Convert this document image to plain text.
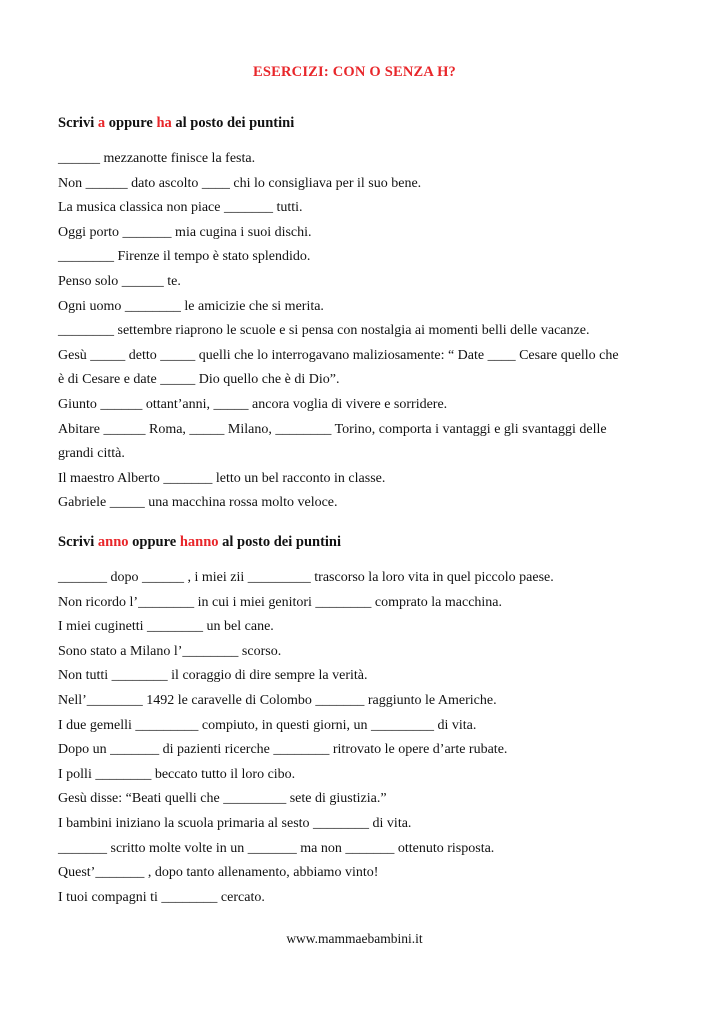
ESERCIZI: CON O SENZA H?
Scrivi a oppure ha al posto dei puntini
______ mezzanotte finisce la festa.
Non ______ dato ascolto ____ chi lo consigliava per il suo bene.
La musica classica non piace _______ tutti.
Oggi porto _______ mia cugina i suoi dischi.
________ Firenze il tempo è stato splendido.
Penso solo ______ te.
Ogni uomo ________ le amicizie che si merita.
________ settembre riaprono le scuole e si pensa con nostalgia ai momenti belli delle vacanze.
Gesù _____ detto _____ quelli che lo interrogavano maliziosamente: “ Date ____ Cesare quello che
è di Cesare e date _____ Dio quello che è di Dio”.
Giunto ______ ottant’anni, _____ ancora voglia di vivere e sorridere.
Abitare ______ Roma, _____ Milano, ________ Torino, comporta i vantaggi e gli svantaggi delle
grandi città.
Il maestro Alberto _______ letto un bel racconto in classe.
Gabriele _____ una macchina rossa molto veloce.
Scrivi anno oppure hanno al posto dei puntini
_______ dopo ______ , i miei zii _________ trascorso la loro vita in quel piccolo paese.
Non ricordo l’________ in cui i miei genitori ________ comprato la macchina.
I miei cuginetti ________ un bel cane.
Sono stato a Milano l’________ scorso.
Non tutti ________ il coraggio di dire sempre la verità.
Nell’________ 1492 le caravelle di Colombo _______ raggiunto le Americhe.
I due gemelli _________ compiuto, in questi giorni, un _________ di vita.
Dopo un _______ di pazienti ricerche ________ ritrovato le opere d’arte rubate.
I polli ________ beccato tutto il loro cibo.
Gesù disse: “Beati quelli che _________ sete di giustizia.”
I bambini iniziano la scuola primaria al sesto ________ di vita.
_______ scritto molte volte in un _______ ma non _______ ottenuto risposta.
Quest’_______ , dopo tanto allenamento, abbiamo vinto!
I tuoi compagni ti ________ cercato.

www.mammaebambini.it
